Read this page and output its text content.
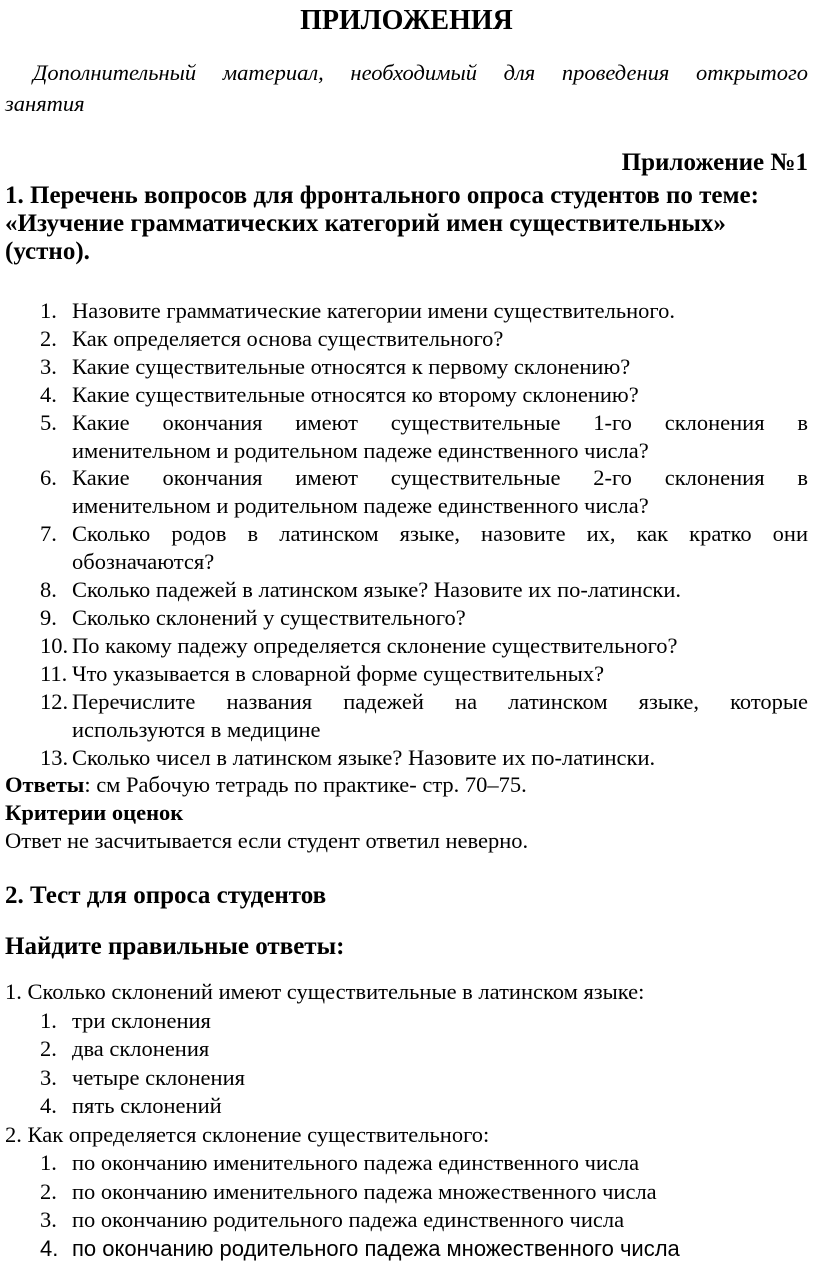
ПРИЛОЖЕНИЯ
Дополнительный материал, необходимый для проведения открытого
занятия
Приложение №1
1. Перечень вопросов для фронтального опроса студентов по теме:
«Изучение грамматических категорий имен существительных» (устно).
1. Назовите грамматические категории имени существительного.
2. Как определяется основа существительного?
3. Какие существительные относятся к первому склонению?
4. Какие существительные относятся ко второму склонению?
5. Какие окончания имеют существительные 1-го склонения в
именительном и родительном падеже единственного числа?
6. Какие окончания имеют существительные 2-го склонения в
именительном и родительном падеже единственного числа?
7. Сколько родов в латинском языке, назовите их, как кратко они
обозначаются?
8. Сколько падежей в латинском языке? Назовите их по-латински.
9. Сколько склонений у существительного?
10. По какому падежу определяется склонение существительного?
11. Что указывается в словарной форме существительных?
12. Перечислите названия падежей на латинском языке, которые
используются в медицине
13. Сколько чисел в латинском языке? Назовите их по-латински.
Ответы: см Рабочую тетрадь по практике- стр. 70–75.
Критерии оценок
Ответ не засчитывается если студент ответил неверно.
2. Тест для опроса студентов
Найдите правильные ответы:
1. Сколько склонений имеют существительные в латинском языке:
1. три склонения
2. два склонения
3. четыре склонения
4. пять склонений
2. Как определяется склонение существительного:
1. по окончанию именительного падежа единственного числа
2. по окончанию именительного падежа множественного числа
3. по окончанию родительного падежа единственного числа
4. по окончанию родительного падежа множественного числа
